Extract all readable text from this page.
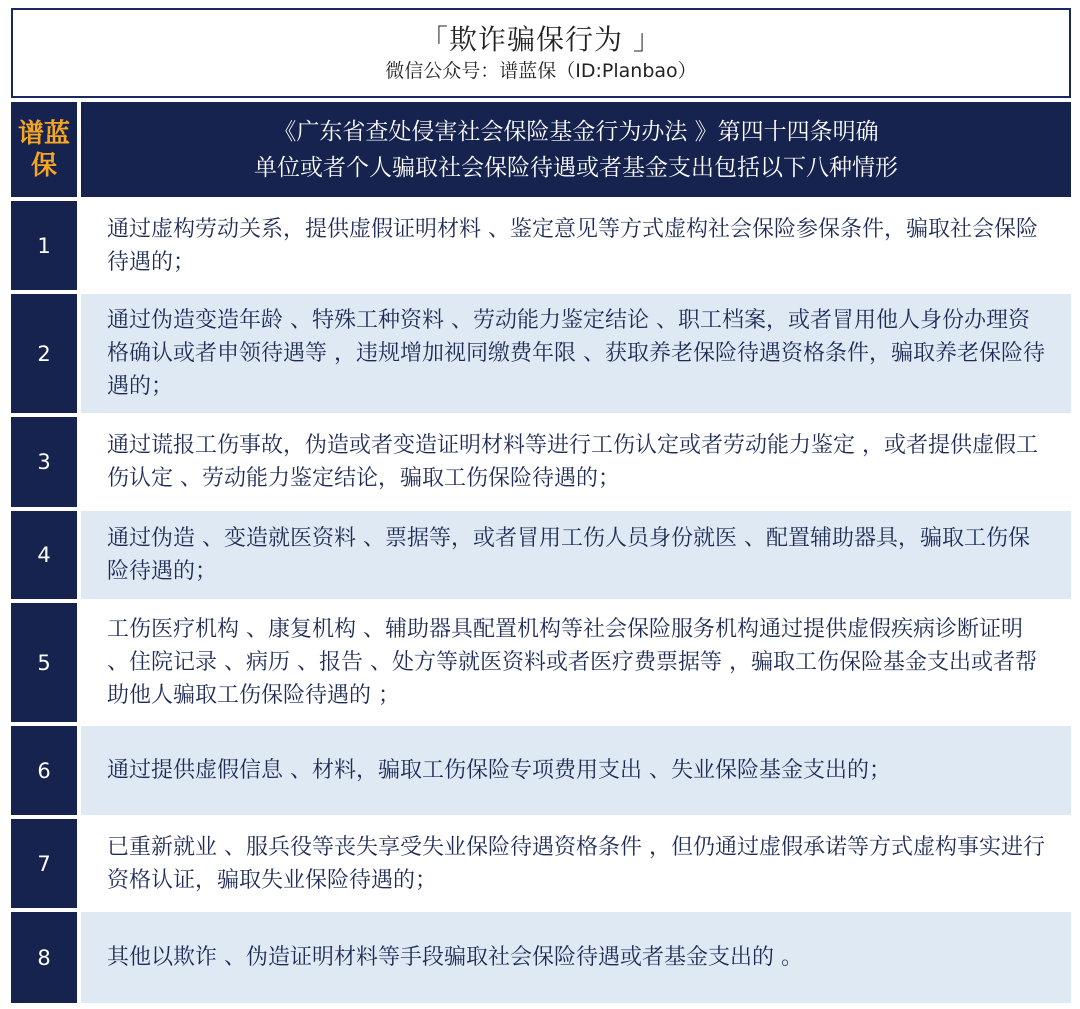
「欺诈骗保行为 」
微信公众号：谱蓝保（ID:Planbao）
谱蓝
保
《广东省查处侵害社会保险基金行为办法 》第四十四条明确
单位或者个人骗取社会保险待遇或者基金支出包括以下八种情形
1
通过虚构劳动关系，提供虚假证明材料 、鉴定意见等方式虚构社会保险参保条件，骗取社会保险待遇的；
2
通过伪造变造年龄 、特殊工种资料 、劳动能力鉴定结论 、职工档案，或者冒用他人身份办理资格确认或者申领待遇等 ，违规增加视同缴费年限 、获取养老保险待遇资格条件，骗取养老保险待遇的；
3
通过谎报工伤事故，伪造或者变造证明材料等进行工伤认定或者劳动能力鉴定 ，或者提供虚假工伤认定 、劳动能力鉴定结论，骗取工伤保险待遇的；
4
通过伪造 、变造就医资料 、票据等，或者冒用工伤人员身份就医 、配置辅助器具，骗取工伤保险待遇的；
5
工伤医疗机构 、康复机构 、辅助器具配置机构等社会保险服务机构通过提供虚假疾病诊断证明 、住院记录 、病历 、报告 、处方等就医资料或者医疗费票据等 ，骗取工伤保险基金支出或者帮助他人骗取工伤保险待遇的 ；
6	通过提供虚假信息 、材料，骗取工伤保险专项费用支出 、失业保险基金支出的；
7
已重新就业 、服兵役等丧失享受失业保险待遇资格条件 ，但仍通过虚假承诺等方式虚构事实进行资格认证，骗取失业保险待遇的；
8	其他以欺诈 、伪造证明材料等手段骗取社会保险待遇或者基金支出的 。
